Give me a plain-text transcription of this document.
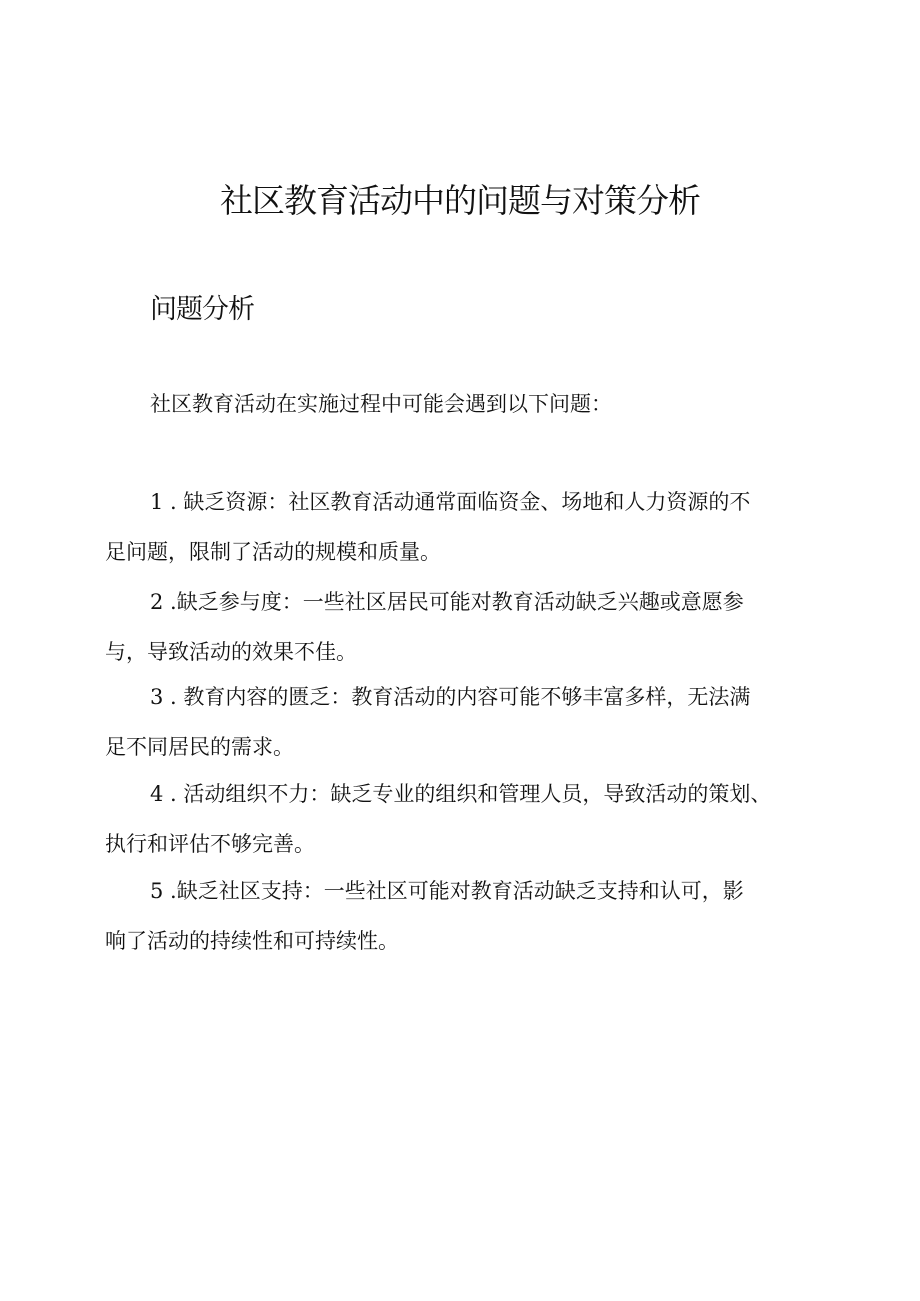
社区教育活动中的问题与对策分析
问题分析

社区教育活动在实施过程中可能会遇到以下问题：

1 . 缺乏资源：社区教育活动通常面临资金、场地和人力资源的不
足问题，限制了活动的规模和质量。

2 .缺乏参与度：一些社区居民可能对教育活动缺乏兴趣或意愿参
与，导致活动的效果不佳。

3 . 教育内容的匮乏：教育活动的内容可能不够丰富多样，无法满
足不同居民的需求。

4 . 活动组织不力：缺乏专业的组织和管理人员，导致活动的策划、
执行和评估不够完善。

5 .缺乏社区支持：一些社区可能对教育活动缺乏支持和认可，影
响了活动的持续性和可持续性。
